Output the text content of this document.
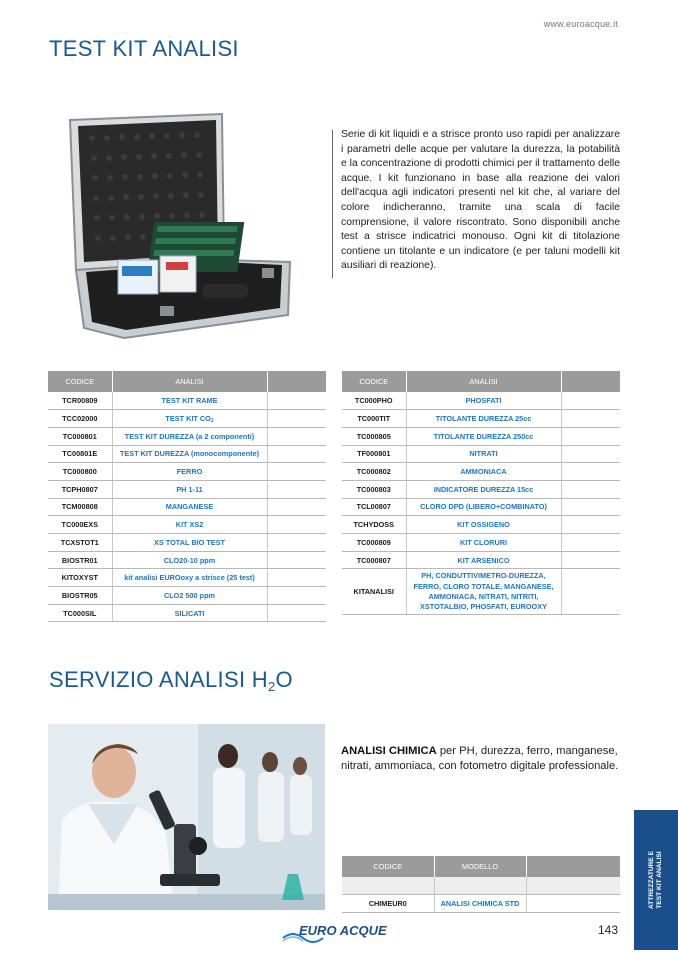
www.euroacque.it
TEST KIT ANALISI
Serie di kit liquidi e a strisce pronto uso rapidi per analizzare i parametri delle acque per valutare la durezza, la potabilità e la concentrazione di prodotti chimici per il trattamento delle acque. I kit funzionano in base alla reazione dei valori dell'acqua agli indicatori presenti nel kit che, al variare del colore indicheranno, tramite una scala di facile comprensione, il valore riscontrato. Sono disponibili anche test a strisce indicatrici monouso. Ogni kit di titolazione contiene un titolante e un indicatore (e per taluni modelli kit ausiliari di reazione).
CODICE	ANALISI	
TCR00809	TEST KIT RAME	
TCC02000	TEST KIT CO2	
TC000801	TEST KIT DUREZZA (a 2 componenti)	
TC00801E	TEST KIT DUREZZA (monocomponente)	
TC000800	FERRO	
TCPH0807	PH 1-11	
TCM00808	MANGANESE	
TC000EXS	KIT XS2	
TCXSTOT1	XS TOTAL BIO TEST	
BIOSTR01	CLO20-10 ppm	
KITOXYST	kit analisi EUROoxy a strisce (25 test)	
BIOSTR05	CLO2 500 ppm	
TC000SIL	SILICATI	
CODICE	ANALISI	
TC000PHO	PHOSFATI	
TC000TIT	TITOLANTE DUREZZA 25cc	
TC000805	TITOLANTE DUREZZA 250cc	
TF000801	NITRATI	
TC000802	AMMONIACA	
TC000803	INDICATORE DUREZZA 15cc	
TCL00807	CLORO DPD (LIBERO+COMBINATO)	
TCHYDOSS	KIT OSSIGENO	
TC000809	KIT CLORURI	
TC000807	KIT ARSENICO	
KITANALISI	PH, CONDUTTIVIMETRO-DUREZZA, FERRO, CLORO TOTALE, MANGANESE, AMMONIACA, NITRATI, NITRITI, XSTOTALBIO, PHOSFATI, EUROOXY	
SERVIZIO ANALISI $H_2O$
ANALISI CHIMICA per PH, durezza, ferro, manganese, nitrati, ammoniaca, con fotometro digitale professionale.
CODICE	MODELLO	

CHIMEUR0	ANALISI CHIMICA STD		ATTREZZATURE E TEST KIT ANALISI
EURO ACQUE	143
